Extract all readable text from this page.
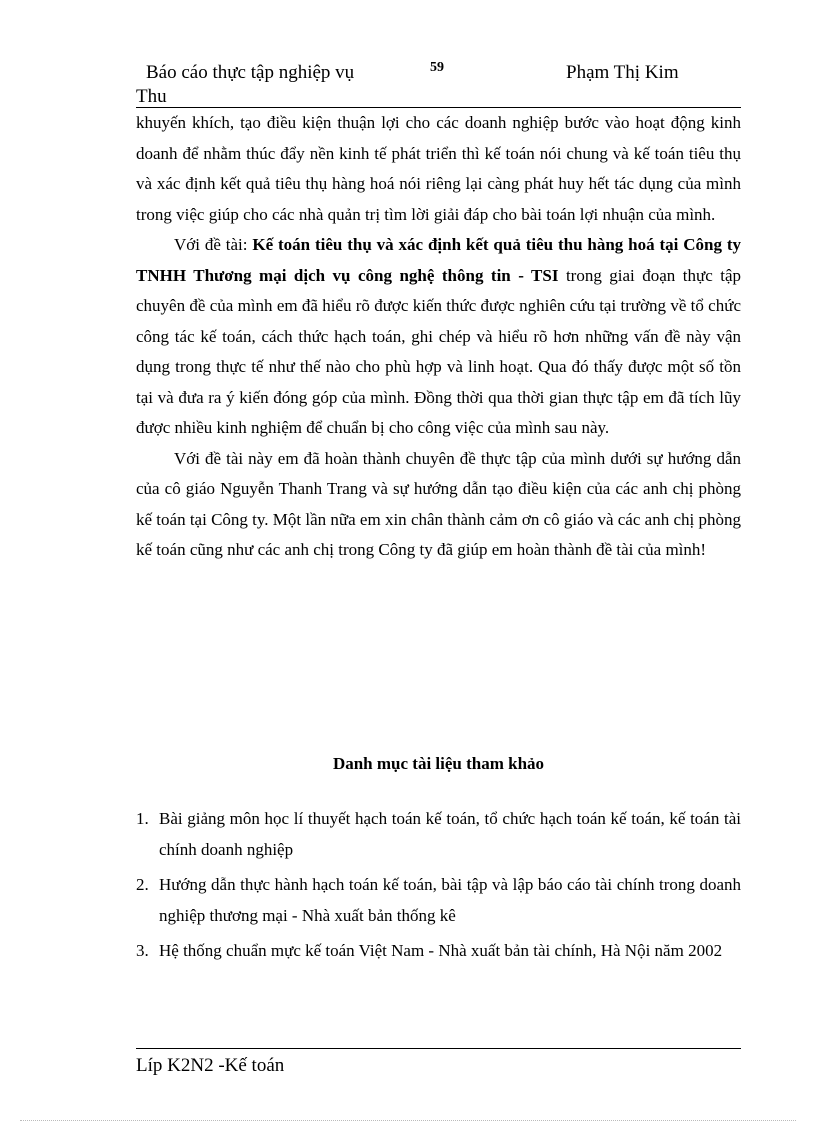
Báo cáo thực tập nghiệp vụ	59	Phạm Thị Kim
Thu

khuyến khích, tạo điều kiện thuận lợi cho các doanh nghiệp bước vào hoạt động kinh doanh để nhằm thúc đẩy nền kinh tế phát triển thì kế toán nói chung và kế toán tiêu thụ và xác định kết quả tiêu thụ hàng hoá nói riêng lại càng phát huy hết tác dụng của mình trong việc giúp cho các nhà quản trị tìm lời giải đáp cho bài toán lợi nhuận của mình.

Với đề tài: Kế toán tiêu thụ và xác định kết quả tiêu thu hàng hoá tại Công ty TNHH Thương mại dịch vụ công nghệ thông tin - TSI trong giai đoạn thực tập chuyên đề của mình em đã hiểu rõ được kiến thức được nghiên cứu tại trường về tổ chức công tác kế toán, cách thức hạch toán, ghi chép và hiểu rõ hơn những vấn đề này vận dụng trong thực tế như thế nào cho phù hợp và linh hoạt. Qua đó thấy được một số tồn tại và đưa ra ý kiến đóng góp của mình. Đồng thời qua thời gian thực tập em đã tích lũy được nhiều kinh nghiệm để chuẩn bị cho công việc của mình sau này.

Với đề tài này em đã hoàn thành chuyên đề thực tập của mình dưới sự hướng dẫn của cô giáo Nguyễn Thanh Trang và sự hướng dẫn tạo điều kiện của các anh chị phòng kế toán tại Công ty. Một lần nữa em xin chân thành cảm ơn cô giáo và các anh chị phòng kế toán cũng như các anh chị trong Công ty đã giúp em hoàn thành đề tài của mình!

Danh mục tài liệu tham khảo
1. Bài giảng môn học lí thuyết hạch toán kế toán, tổ chức hạch toán kế toán, kế toán tài chính doanh nghiệp
2. Hướng dẫn thực hành hạch toán kế toán, bài tập và lập báo cáo tài chính trong doanh nghiệp thương mại - Nhà xuất bản thống kê
3. Hệ thống chuẩn mực kế toán Việt Nam - Nhà xuất bản tài chính, Hà Nội năm 2002
Líp K2N2 -Kế toán
